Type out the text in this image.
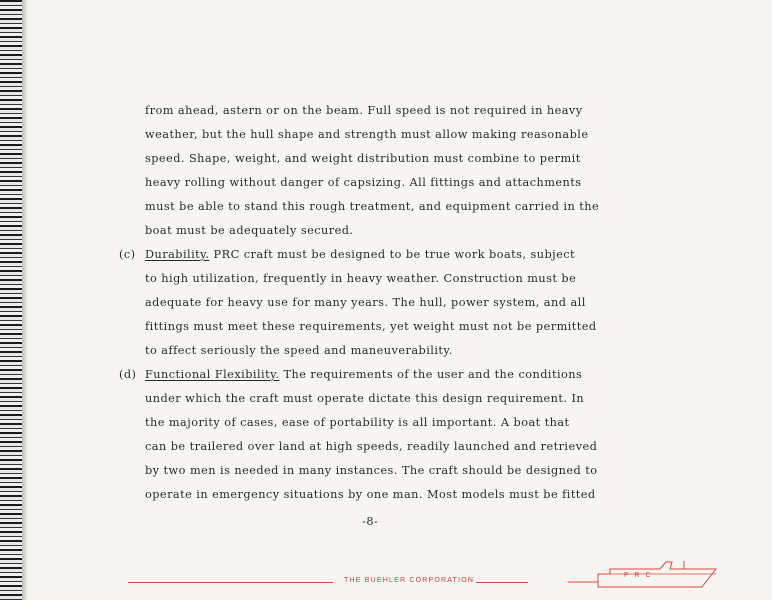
from ahead, astern or on the beam. Full speed is not required in heavy
weather, but the hull shape and strength must allow making reasonable
speed. Shape, weight, and weight distribution must combine to permit
heavy rolling without danger of capsizing. All fittings and attachments
must be able to stand this rough treatment, and equipment carried in the
boat must be adequately secured.
Durability. PRC craft must be designed to be true work boats, subject
to high utilization, frequently in heavy weather. Construction must be
adequate for heavy use for many years. The hull, power system, and all
fittings must meet these requirements, yet weight must not be permitted
to affect seriously the speed and maneuverability.
Functional Flexibility. The requirements of the user and the conditions
under which the craft must operate dictate this design requirement. In
the majority of cases, ease of portability is all important. A boat that
can be trailered over land at high speeds, readily launched and retrieved
by two men is needed in many instances. The craft should be designed to
operate in emergency situations by one man. Most models must be fitted
(c)
(d)
-8-
THE BUEHLER CORPORATION
P R C
